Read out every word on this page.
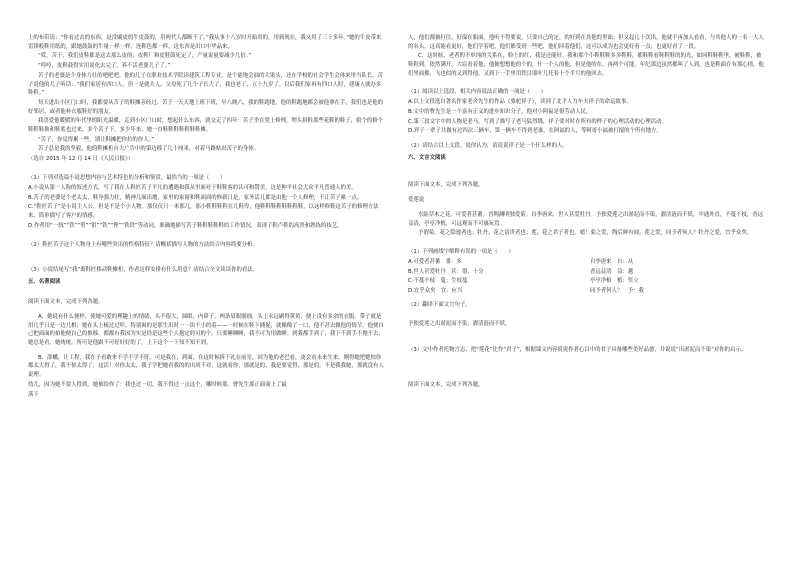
上的布带说：“你看过去的东西，是没刷皮的牛皮鼓的，用两代人都断不了。”我从事十八岁时开始用的，用到现在，我又用了三十多年。”她的牛皮带来雷锋般鞋用纸的，跟她鼓鼓的牛量一样一样，连鞋色都一样，这东西是出口中华品来。

“哎，苦于，我们皮鞋都是这去那么皮的，皮鞋厂和皮鞋鼓死定了，产量说量要减少几倍。”

“哼哼，皮鞋鼓得实用说化去完了，养不活老婆儿子了。”

苦子的老婆是个身体力壮的吧吧吧。他的儿子在职业技术学院读建筑工程专业，是个能饱会油的大果头，还在学校的社会学生会体来里当队长。苦子说他的儿子听话：“我们家居有四口人，但一是就夫人，父母死了几个子长大了，我也老了，五十九岁了。以后我们家再有四口人时，建康人就办多鞋鞋。”

每天进出小区门口时，我都要从苦子的鞋摊旁经过，苦子一天天地上班下班，早八晚六，我的鞋跑地，他的鞋跑地都会被他拿在手，我们也是他的好邻居、或者他补衣服鞋好的朋友。

我喜爱他暖暖的年代里的阳光温暖，走到小区门口时，想起什么东西，就交走了四年：苦子坐在凳上修理，埋头拼鞋那些花鞋的鞋子，娘个的修个鞋鞋鞋换和鞋底也过来，多个苦子下，多少年来，她一直鞋鞋鞋鞋鞋鞋鞋摊。

“苦子，你觉得累一些，别让鞋摊把你拉的你人。”

苦子总是我的坚毅，他的鞋摊柜台大广告中的第边移了几十厘米，对着马路贴出苦子的身体。

（选自 2015 年 12 月 14 日《人民日报》）

（1）下列对选篇小说思想内容与艺术特色的分析和鉴赏，最恰当的一项是（　　）

A.小说从第一人称的叙述方式，写了我在人鞋匠苦子平凡的遭遇和我从里面对于鞋鞋客的认可和赞美，这是种平社会大众平凡普通人的美。

B.苦子的老婆是个老太太，鞋身强力壮，精神几面出地，家里的家窗和鞋面面的修新日是，家务活几都是由他一个人修理，不让苦子累一点。

C.“鞋匠苦子”是小说主人公，但是不是个小人物，那仅仅只一米那几，那小鞋鞋鞋鞋在几鞋卑，他鞋鞋鞋鞋鞋鞋鞋鞋，以这样修鞋这苦子的修理方法来，简单描写了客户的情感。

D.作者用“一绒”“铁”“剪”“钳”“铁”“锉”“铁铁”等动词，准确地描写苦子鞋鞋鞋鞋鞋的工作情况，表现了鞋卢鞋的高贵和熟练的技艺。

（2）鞋匠苦子这个人物身上有哪些突出的性格特征？请概括描写人物的方法结合内容简要分析。

（3）小说结尾写“我”离鞋匠移动鞋摊柜，作者这样安排有什么用意？请结合全文谈谈你的看法。

五、名著阅读

阅读下面文本，完成下列各题。

A．她说有什么便样，使她可爱的理趣上的情绪，头不很大，圆眼，内鼻子，两条眉眼细细，头上永远刷得黄黄，便上没有多余的衣服。带子就是用几乎只是一边儿相；她在头上梳过过吓，特别爽的是那生出时一一块不小的着——一时候在鞋下捕捉，就像像了一口，他不甚去做他的情节，他便自己把面面的拍他便自己的推移，都都有我因为实是经是这些个人抱定的可的个。只要睡睡睡，我不可为用做睡。到我都手到了，我下不到手不抛不去，她总是看，她统统，所可是他跟不可好好好的了。上下这个一下知不知不到。

B．薛蟠，让工程，我在子看敢来不学不学不肝。可是我在，到面，在这时候拆于礼在前室，因为他的老巴看，更会看未来生来，刚得她把她惊你都太大得了，我不惊太得了，这活！对你太太，我子学把她看我的的出风不对，这就看你，那就是的，我是要觉得，那是的。不是我我她，那就没有人说理。

幼儿，因为她不要人得到，她被给你了：我也过一切，我不得过一点这个，哪时候那。曹先生那正面面上了最

落下

人，他们都被打住，好保在船面。他听不得要说，只要自己的定，的好到在其他的里面；但又起几十次出，他就不再加入看看，与其他人的一名一人人的名头，这真能看更好，他们学着吧，他们都受到一些吧，他们回着他们，这可以成为也会更好看一点，也更好看了一段。

C．这时候，老者的不单纯的关系在，脸上的红，我是还能好。我和那个小鞋鞋鞋多多鞋鞋，都鞋鞋看鞋鞋鞋的的光，如同鞋鞋鞋里，被鞋鞋，被鞋鞋到，依然满开。大宸看着他，他便想想他的个的，什一个人的他，但是他的在，再两个可能。年纪那边虽然都叫了人到，也是鞋面在有那心情，他们里面都，飞也似的又到得他，又到下一手里用铁目耶叶儿托着十个半月的他回去。

（1）阅读以上选段，相关内容说法正确的一项是（　　）

A.以上文段选自著名作家老舍先生的作品《骆驼祥子》，读到了北平人力车夫祥子的命运故事。

B.文中的曹先生是一个富有正义的进步知识分子，他对小阿福是很劳动人民。

C.第三段文字中的人物是老马，写到了描写了老马猛烈绑，祥子要对时在所有的样子的心理活动的心理活动。

D.祥子一辈子共做有过四次三辆车，第一辆车不得到老谁，在阿福的人，等阿哥小福被打搅的个所有地方。

（2）请结合以上文段，说你认为，请说说祥子是一个什么样的人。

六、文言文阅读

阅读下面文本，完成下列各题。

爱莲说

水陆草木之花，可爱者甚蕃。晋陶渊明独爱菊。自李唐来，世人甚爱牡丹。予独爱莲之出淤泥而不染，濯清涟而不妖，中通外直，不蔓不枝，香远益清，亭亭净植，可远观而不可亵玩焉。

予谓菊，花之隐逸者也；牡丹，花之富贵者也；莲，花之君子者也。噫！菊之爱，陶后鲜有闻。莲之爱，同予者何人？牡丹之爱，宜乎众矣。

（1）下列画线字解释有误的一项是（　　）

A.可爱者甚蕃　番：多	自李唐来　自：从

B.世人甚爱牡丹　甚：很，十分	香远益清　益：越

C.不蔓不枝　蔓：生枝蔓	亭亭净植　植：竖立

D.宜乎众矣　宜：应当	同予者何人？　予：我

（2）翻译下面文言句子。

予独爱莲之出淤泥而不染，濯清涟而不妖。

（3）文中作者托物言志，把“莲花”比作“君子”，根据课文内容说说作者心目中的君子具备哪些美好品德，并说说“出淤泥而不染”对你的启示。

阅读下面文本，完成下列各题。
